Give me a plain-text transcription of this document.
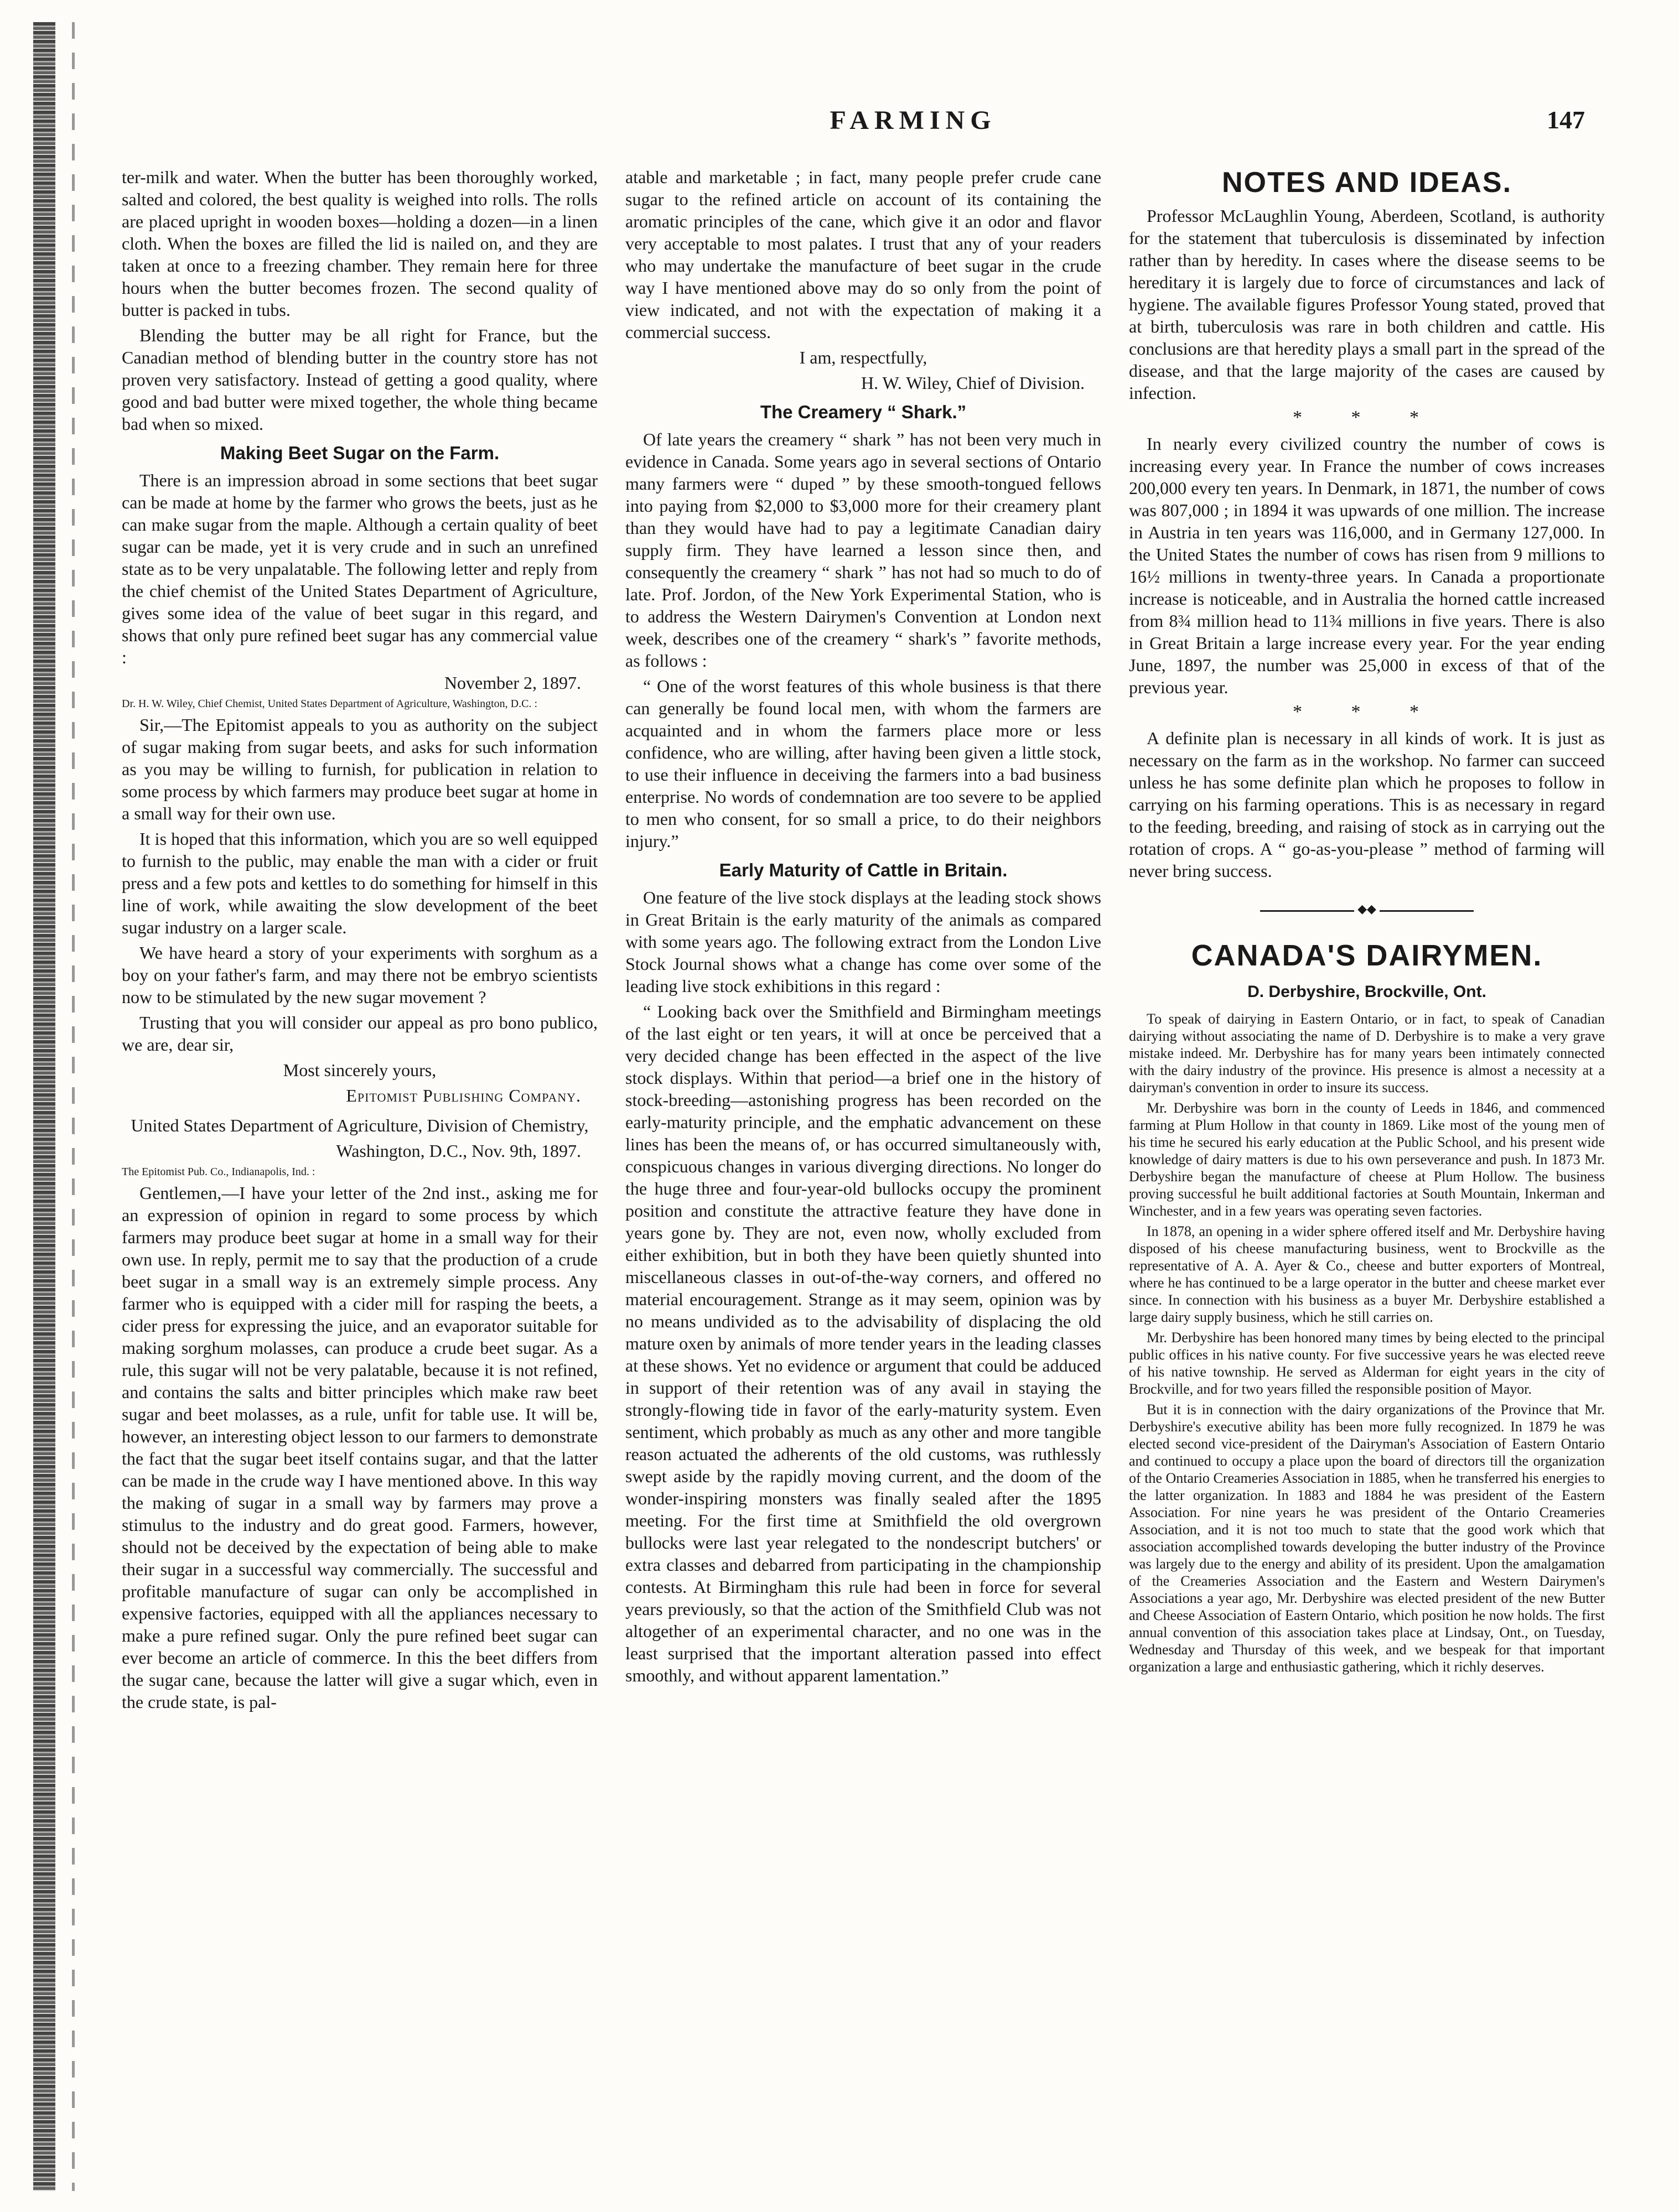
FARMING	147

ter-milk and water. When the butter has been thoroughly worked, salted and colored, the best quality is weighed into rolls. The rolls are placed upright in wooden boxes—holding a dozen—in a linen cloth. When the boxes are filled the lid is nailed on, and they are taken at once to a freezing chamber. They remain here for three hours when the butter becomes frozen. The second quality of butter is packed in tubs.

Blending the butter may be all right for France, but the Canadian method of blending butter in the country store has not proven very satisfactory. Instead of getting a good quality, where good and bad butter were mixed together, the whole thing became bad when so mixed.

Making Beet Sugar on the Farm.

There is an impression abroad in some sections that beet sugar can be made at home by the farmer who grows the beets, just as he can make sugar from the maple. Although a certain quality of beet sugar can be made, yet it is very crude and in such an unrefined state as to be very unpalatable. The following letter and reply from the chief chemist of the United States Department of Agriculture, gives some idea of the value of beet sugar in this regard, and shows that only pure refined beet sugar has any commercial value :

November 2, 1897.

Dr. H. W. Wiley, Chief Chemist, United States Department of Agriculture, Washington, D.C. :

Sir,—The Epitomist appeals to you as authority on the subject of sugar making from sugar beets, and asks for such information as you may be willing to furnish, for publication in relation to some process by which farmers may produce beet sugar at home in a small way for their own use.

It is hoped that this information, which you are so well equipped to furnish to the public, may enable the man with a cider or fruit press and a few pots and kettles to do something for himself in this line of work, while awaiting the slow development of the beet sugar industry on a larger scale.

We have heard a story of your experiments with sorghum as a boy on your father's farm, and may there not be embryo scientists now to be stimulated by the new sugar movement ?

Trusting that you will consider our appeal as pro bono publico, we are, dear sir,

Most sincerely yours,

Epitomist Publishing Company.

United States Department of Agriculture, Division of Chemistry,

Washington, D.C., Nov. 9th, 1897.

The Epitomist Pub. Co., Indianapolis, Ind. :

Gentlemen,—I have your letter of the 2nd inst., asking me for an expression of opinion in regard to some process by which farmers may produce beet sugar at home in a small way for their own use. In reply, permit me to say that the production of a crude beet sugar in a small way is an extremely simple process. Any farmer who is equipped with a cider mill for rasping the beets, a cider press for expressing the juice, and an evaporator suitable for making sorghum molasses, can produce a crude beet sugar. As a rule, this sugar will not be very palatable, because it is not refined, and contains the salts and bitter principles which make raw beet sugar and beet molasses, as a rule, unfit for table use. It will be, however, an interesting object lesson to our farmers to demonstrate the fact that the sugar beet itself contains sugar, and that the latter can be made in the crude way I have mentioned above. In this way the making of sugar in a small way by farmers may prove a stimulus to the industry and do great good. Farmers, however, should not be deceived by the expectation of being able to make their sugar in a successful way commercially. The successful and profitable manufacture of sugar can only be accomplished in expensive factories, equipped with all the appliances necessary to make a pure refined sugar. Only the pure refined beet sugar can ever become an article of commerce. In this the beet differs from the sugar cane, because the latter will give a sugar which, even in the crude state, is pal-

atable and marketable ; in fact, many people prefer crude cane sugar to the refined article on account of its containing the aromatic principles of the cane, which give it an odor and flavor very acceptable to most palates. I trust that any of your readers who may undertake the manufacture of beet sugar in the crude way I have mentioned above may do so only from the point of view indicated, and not with the expectation of making it a commercial success.

I am, respectfully,

H. W. Wiley, Chief of Division.

The Creamery “ Shark.”

Of late years the creamery “ shark ” has not been very much in evidence in Canada. Some years ago in several sections of Ontario many farmers were “ duped ” by these smooth-tongued fellows into paying from $2,000 to $3,000 more for their creamery plant than they would have had to pay a legitimate Canadian dairy supply firm. They have learned a lesson since then, and consequently the creamery “ shark ” has not had so much to do of late. Prof. Jordon, of the New York Experimental Station, who is to address the Western Dairymen's Convention at London next week, describes one of the creamery “ shark's ” favorite methods, as follows :

“ One of the worst features of this whole business is that there can generally be found local men, with whom the farmers are acquainted and in whom the farmers place more or less confidence, who are willing, after having been given a little stock, to use their influence in deceiving the farmers into a bad business enterprise. No words of condemnation are too severe to be applied to men who consent, for so small a price, to do their neighbors injury.”

Early Maturity of Cattle in Britain.

One feature of the live stock displays at the leading stock shows in Great Britain is the early maturity of the animals as compared with some years ago. The following extract from the London Live Stock Journal shows what a change has come over some of the leading live stock exhibitions in this regard :

“ Looking back over the Smithfield and Birmingham meetings of the last eight or ten years, it will at once be perceived that a very decided change has been effected in the aspect of the live stock displays. Within that period—a brief one in the history of stock-breeding—astonishing progress has been recorded on the early-maturity principle, and the emphatic advancement on these lines has been the means of, or has occurred simultaneously with, conspicuous changes in various diverging directions. No longer do the huge three and four-year-old bullocks occupy the prominent position and constitute the attractive feature they have done in years gone by. They are not, even now, wholly excluded from either exhibition, but in both they have been quietly shunted into miscellaneous classes in out-of-the-way corners, and offered no material encouragement. Strange as it may seem, opinion was by no means undivided as to the advisability of displacing the old mature oxen by animals of more tender years in the leading classes at these shows. Yet no evidence or argument that could be adduced in support of their retention was of any avail in staying the strongly-flowing tide in favor of the early-maturity system. Even sentiment, which probably as much as any other and more tangible reason actuated the adherents of the old customs, was ruthlessly swept aside by the rapidly moving current, and the doom of the wonder-inspiring monsters was finally sealed after the 1895 meeting. For the first time at Smithfield the old overgrown bullocks were last year relegated to the nondescript butchers' or extra classes and debarred from participating in the championship contests. At Birmingham this rule had been in force for several years previously, so that the action of the Smithfield Club was not altogether of an experimental character, and no one was in the least surprised that the important alteration passed into effect smoothly, and without apparent lamentation.”

NOTES AND IDEAS.

Professor McLaughlin Young, Aberdeen, Scotland, is authority for the statement that tuberculosis is disseminated by infection rather than by heredity. In cases where the disease seems to be hereditary it is largely due to force of circumstances and lack of hygiene. The available figures Professor Young stated, proved that at birth, tuberculosis was rare in both children and cattle. His conclusions are that heredity plays a small part in the spread of the disease, and that the large majority of the cases are caused by infection.

* * *

In nearly every civilized country the number of cows is increasing every year. In France the number of cows increases 200,000 every ten years. In Denmark, in 1871, the number of cows was 807,000 ; in 1894 it was upwards of one million. The increase in Austria in ten years was 116,000, and in Germany 127,000. In the United States the number of cows has risen from 9 millions to 16½ millions in twenty-three years. In Canada a proportionate increase is noticeable, and in Australia the horned cattle increased from 8¾ million head to 11¾ millions in five years. There is also in Great Britain a large increase every year. For the year ending June, 1897, the number was 25,000 in excess of that of the previous year.

* * *

A definite plan is necessary in all kinds of work. It is just as necessary on the farm as in the workshop. No farmer can succeed unless he has some definite plan which he proposes to follow in carrying on his farming operations. This is as necessary in regard to the feeding, breeding, and raising of stock as in carrying out the rotation of crops. A “ go-as-you-please ” method of farming will never bring success.

◆◆
CANADA'S DAIRYMEN.
D. Derbyshire, Brockville, Ont.

To speak of dairying in Eastern Ontario, or in fact, to speak of Canadian dairying without associating the name of D. Derbyshire is to make a very grave mistake indeed. Mr. Derbyshire has for many years been intimately connected with the dairy industry of the province. His presence is almost a necessity at a dairyman's convention in order to insure its success.

Mr. Derbyshire was born in the county of Leeds in 1846, and commenced farming at Plum Hollow in that county in 1869. Like most of the young men of his time he secured his early education at the Public School, and his present wide knowledge of dairy matters is due to his own perseverance and push. In 1873 Mr. Derbyshire began the manufacture of cheese at Plum Hollow. The business proving successful he built additional factories at South Mountain, Inkerman and Winchester, and in a few years was operating seven factories.

In 1878, an opening in a wider sphere offered itself and Mr. Derbyshire having disposed of his cheese manufacturing business, went to Brockville as the representative of A. A. Ayer & Co., cheese and butter exporters of Montreal, where he has continued to be a large operator in the butter and cheese market ever since. In connection with his business as a buyer Mr. Derbyshire established a large dairy supply business, which he still carries on.

Mr. Derbyshire has been honored many times by being elected to the principal public offices in his native county. For five successive years he was elected reeve of his native township. He served as Alderman for eight years in the city of Brockville, and for two years filled the responsible position of Mayor.

But it is in connection with the dairy organizations of the Province that Mr. Derbyshire's executive ability has been more fully recognized. In 1879 he was elected second vice-president of the Dairyman's Association of Eastern Ontario and continued to occupy a place upon the board of directors till the organization of the Ontario Creameries Association in 1885, when he transferred his energies to the latter organization. In 1883 and 1884 he was president of the Eastern Association. For nine years he was president of the Ontario Creameries Association, and it is not too much to state that the good work which that association accomplished towards developing the butter industry of the Province was largely due to the energy and ability of its president. Upon the amalgamation of the Creameries Association and the Eastern and Western Dairymen's Associations a year ago, Mr. Derbyshire was elected president of the new Butter and Cheese Association of Eastern Ontario, which position he now holds. The first annual convention of this association takes place at Lindsay, Ont., on Tuesday, Wednesday and Thursday of this week, and we bespeak for that important organization a large and enthusiastic gathering, which it richly deserves.
